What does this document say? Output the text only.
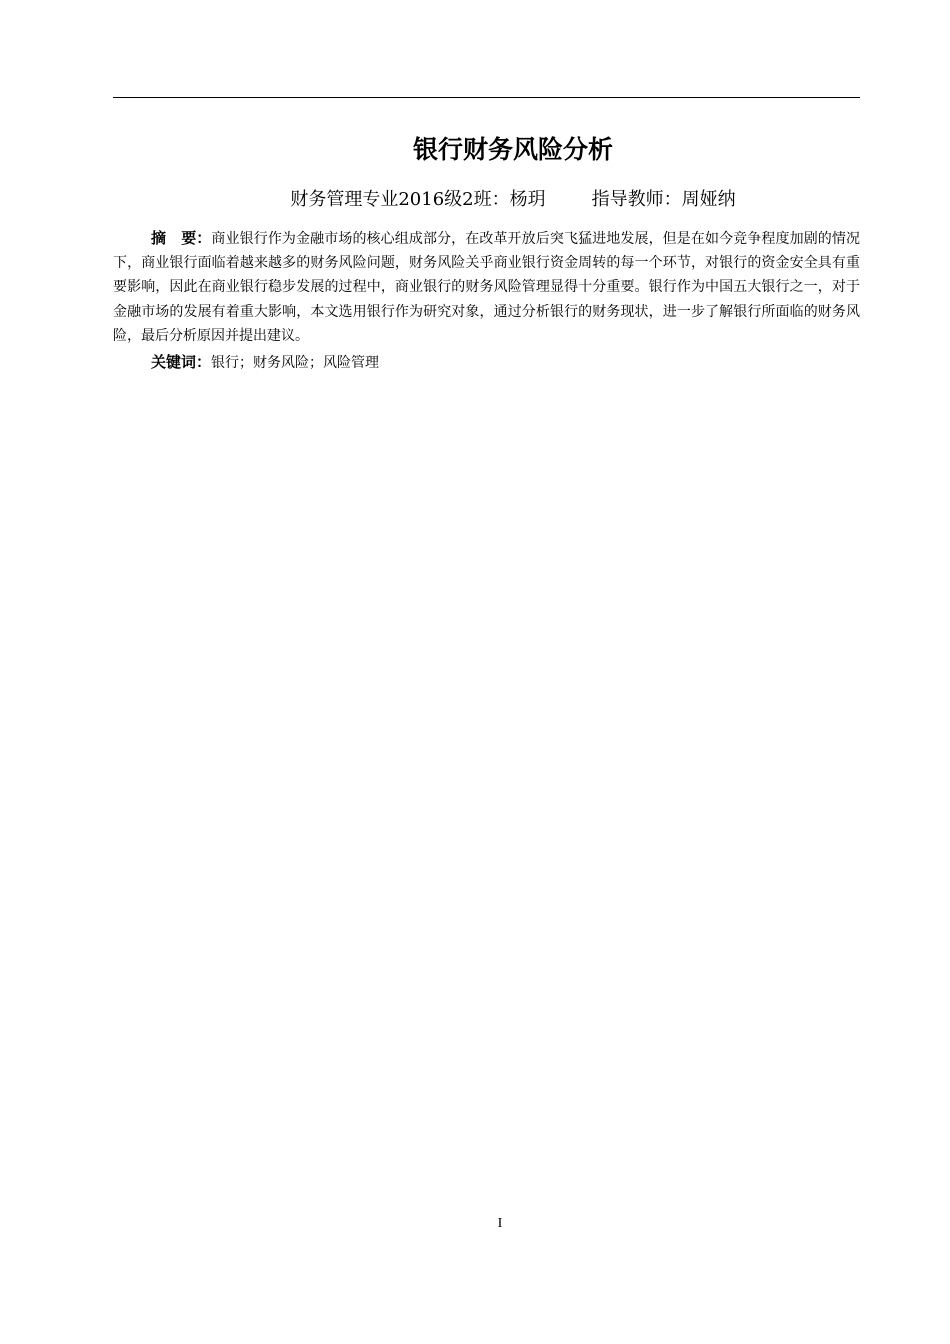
银行财务风险分析
财务管理专业2016级2班：杨玥	指导教师：周娅纳

摘　要：商业银行作为金融市场的核心组成部分，在改革开放后突飞猛进地发展，但是在如今竞争程度加剧的情况下，商业银行面临着越来越多的财务风险问题，财务风险关乎商业银行资金周转的每一个环节，对银行的资金安全具有重要影响，因此在商业银行稳步发展的过程中，商业银行的财务风险管理显得十分重要。银行作为中国五大银行之一，对于金融市场的发展有着重大影响，本文选用银行作为研究对象，通过分析银行的财务现状，进一步了解银行所面临的财务风险，最后分析原因并提出建议。

关键词：银行；财务风险；风险管理
I
